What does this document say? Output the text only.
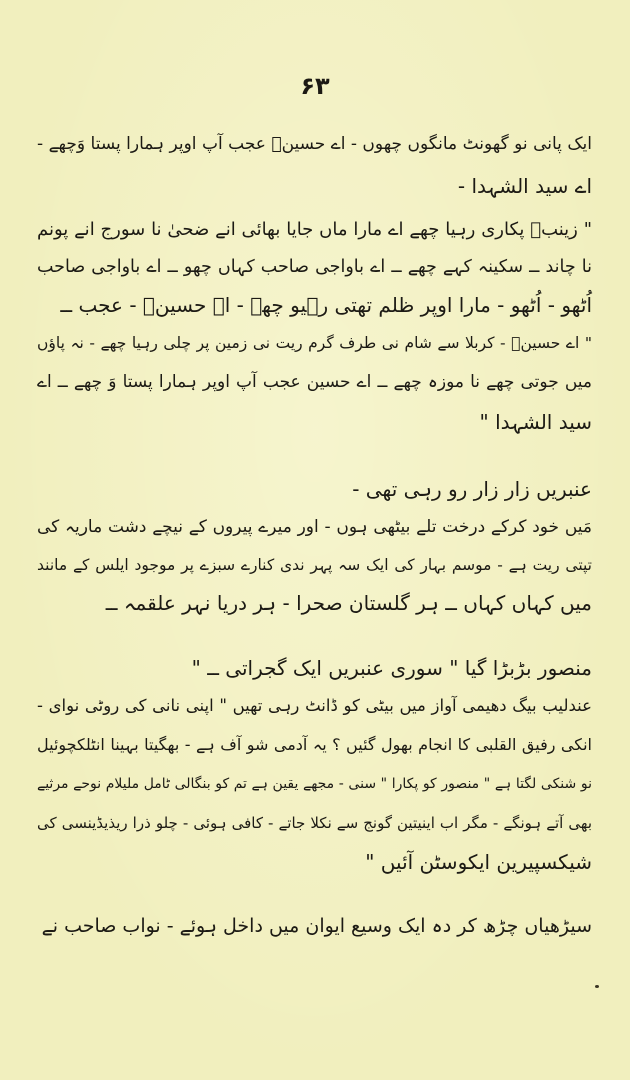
۶۳
ایک پانی نو گھونٹ مانگوں چھوں - اے حسینؑ عجب آپ اوپر ہمارا پستا وَچھے -
اے سید الشہدا -
" زینبؑ پکاری رہیا چھے اے مارا ماں جایا بھائی انے ضحیٰ نا سورج انے پونم
نا چاند ــ سکینہ کہے چھے ــ اے باواجی صاحب کہاں چھو ــ اے باواجی صاحب
اُٹھو - اُٹھو - مارا اوپر ظلم تھتی رہیو چھے - اے حسینؑ - عجب ــ
" اے حسینؑ - کربلا سے شام نی طرف گرم ریت نی زمین پر چلی رہیا چھے - نہ پاؤں
میں جوتی چھے نا موزہ چھے ــ اے حسین عجب آپ اوپر ہمارا پستا وَ چھے ــ اے
سید الشہدا "
عنبریں زار زار رو رہی تھی -
مَیں خود کرکے درخت تلے بیٹھی ہوں - اور میرے پیروں کے نیچے دشت ماریہ کی
تپتی ریت ہے - موسم بہار کی ایک سہ پہر ندی کنارے سبزے پر موجود ایلس کے مانند
میں کہاں کہاں ــ ہر گلستان صحرا - ہر دریا نہر علقمہ ــ
منصور بڑبڑا گیا " سوری عنبریں ایک گجراتی ــ "
عندلیب بیگ دھیمی آواز میں بیٹی کو ڈانٹ رہی تھیں " اپنی نانی کی روٹی نوای -
انکی رفیق القلبی کا انجام بھول گئیں ؟ یہ آدمی شو آف ہے - بھگیتا بہینا انٹلکچوئیل
نو شنکی لگتا ہے " منصور کو پکارا " سنی - مجھے یقین ہے تم کو بنگالی ٹامل ملیلام نوحے مرثیے
بھی آتے ہونگے - مگر اب اینیتین گونج سے نکلا جاتے - کافی ہوئی - چلو ذرا ریذیڈینسی کی
شیکسپیرین ایکوسٹن آئیں "
سیڑھیاں چڑھ کر دہ ایک وسیع ایوان میں داخل ہوئے - نواب صاحب نے
